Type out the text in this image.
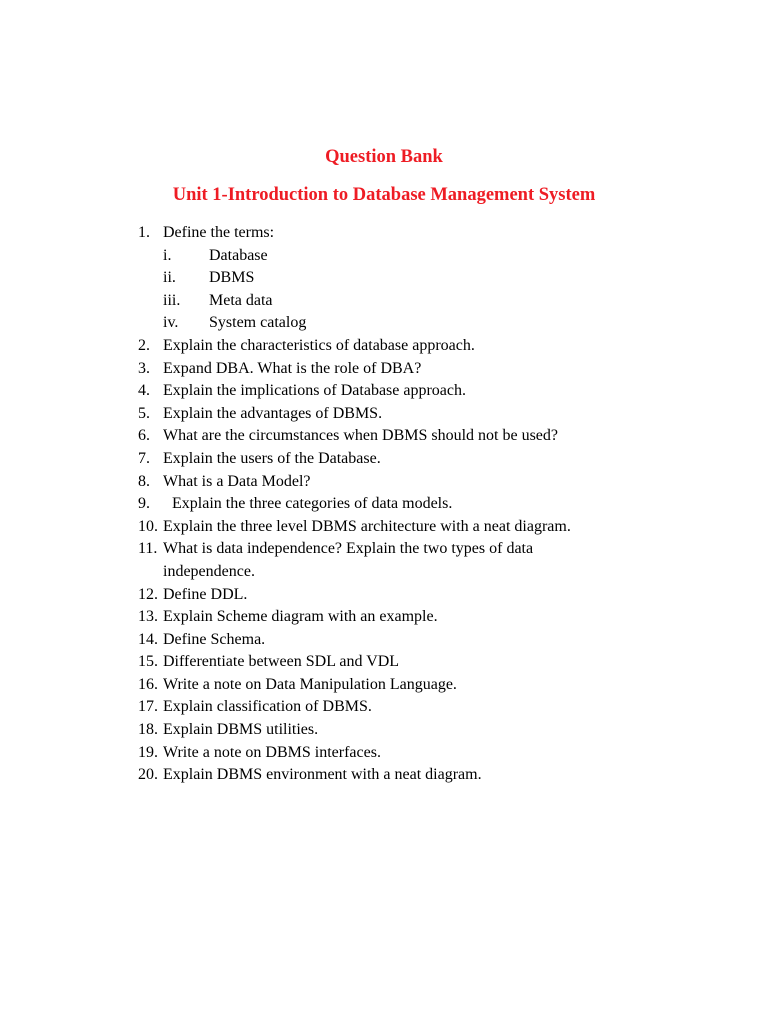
Question Bank
Unit 1-Introduction to Database Management System
1. Define the terms:
i. Database
ii. DBMS
iii. Meta data
iv. System catalog
2. Explain the characteristics of database approach.
3. Expand DBA. What is the role of DBA?
4. Explain the implications of Database approach.
5. Explain the advantages of DBMS.
6. What are the circumstances when DBMS should not be used?
7. Explain the users of the Database.
8. What is a Data Model?
9. Explain the three categories of data models.
10. Explain the three level DBMS architecture with a neat diagram.
11. What is data independence? Explain the two types of data
independence.
12. Define DDL.
13. Explain Scheme diagram with an example.
14. Define Schema.
15. Differentiate between SDL and VDL
16. Write a note on Data Manipulation Language.
17. Explain classification of DBMS.
18. Explain DBMS utilities.
19. Write a note on DBMS interfaces.
20. Explain DBMS environment with a neat diagram.
